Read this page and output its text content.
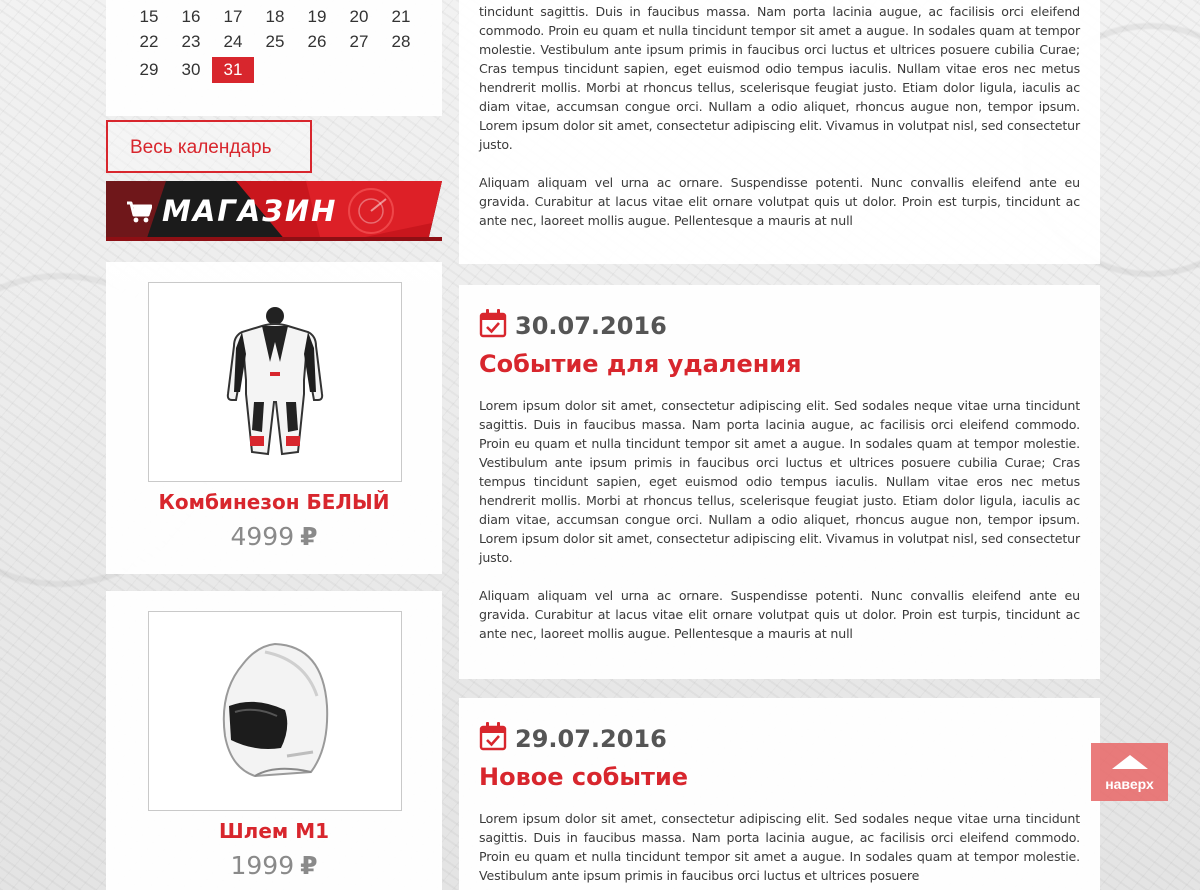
15	16	17	18	19	20	21
22	23	24	25	26	27	28
29	30	31
Весь календарь
МАГАЗИН
Комбинезон БЕЛЫЙ
4999 ₽
Шлем M1
1999 ₽

tincidunt sagittis. Duis in faucibus massa. Nam porta lacinia augue, ac facilisis orci eleifend commodo. Proin eu quam et nulla tincidunt tempor sit amet a augue. In sodales quam at tempor molestie. Vestibulum ante ipsum primis in faucibus orci luctus et ultrices posuere cubilia Curae; Cras tempus tincidunt sapien, eget euismod odio tempus iaculis. Nullam vitae eros nec metus hendrerit mollis. Morbi at rhoncus tellus, scelerisque feugiat justo. Etiam dolor ligula, iaculis ac diam vitae, accumsan congue orci. Nullam a odio aliquet, rhoncus augue non, tempor ipsum. Lorem ipsum dolor sit amet, consectetur adipiscing elit. Vivamus in volutpat nisl, sed consectetur justo.

Aliquam aliquam vel urna ac ornare. Suspendisse potenti. Nunc convallis eleifend ante eu gravida. Curabitur at lacus vitae elit ornare volutpat quis ut dolor. Proin est turpis, tincidunt ac ante nec, laoreet mollis augue. Pellentesque a mauris at null

30.07.2016
Событие для удаления

Lorem ipsum dolor sit amet, consectetur adipiscing elit. Sed sodales neque vitae urna tincidunt sagittis. Duis in faucibus massa. Nam porta lacinia augue, ac facilisis orci eleifend commodo. Proin eu quam et nulla tincidunt tempor sit amet a augue. In sodales quam at tempor molestie. Vestibulum ante ipsum primis in faucibus orci luctus et ultrices posuere cubilia Curae; Cras tempus tincidunt sapien, eget euismod odio tempus iaculis. Nullam vitae eros nec metus hendrerit mollis. Morbi at rhoncus tellus, scelerisque feugiat justo. Etiam dolor ligula, iaculis ac diam vitae, accumsan congue orci. Nullam a odio aliquet, rhoncus augue non, tempor ipsum. Lorem ipsum dolor sit amet, consectetur adipiscing elit. Vivamus in volutpat nisl, sed consectetur justo.

Aliquam aliquam vel urna ac ornare. Suspendisse potenti. Nunc convallis eleifend ante eu gravida. Curabitur at lacus vitae elit ornare volutpat quis ut dolor. Proin est turpis, tincidunt ac ante nec, laoreet mollis augue. Pellentesque a mauris at null

29.07.2016
Новое событие

Lorem ipsum dolor sit amet, consectetur adipiscing elit. Sed sodales neque vitae urna tincidunt sagittis. Duis in faucibus massa. Nam porta lacinia augue, ac facilisis orci eleifend commodo. Proin eu quam et nulla tincidunt tempor sit amet a augue. In sodales quam at tempor molestie. Vestibulum ante ipsum primis in faucibus orci luctus et ultrices posuere

наверх
